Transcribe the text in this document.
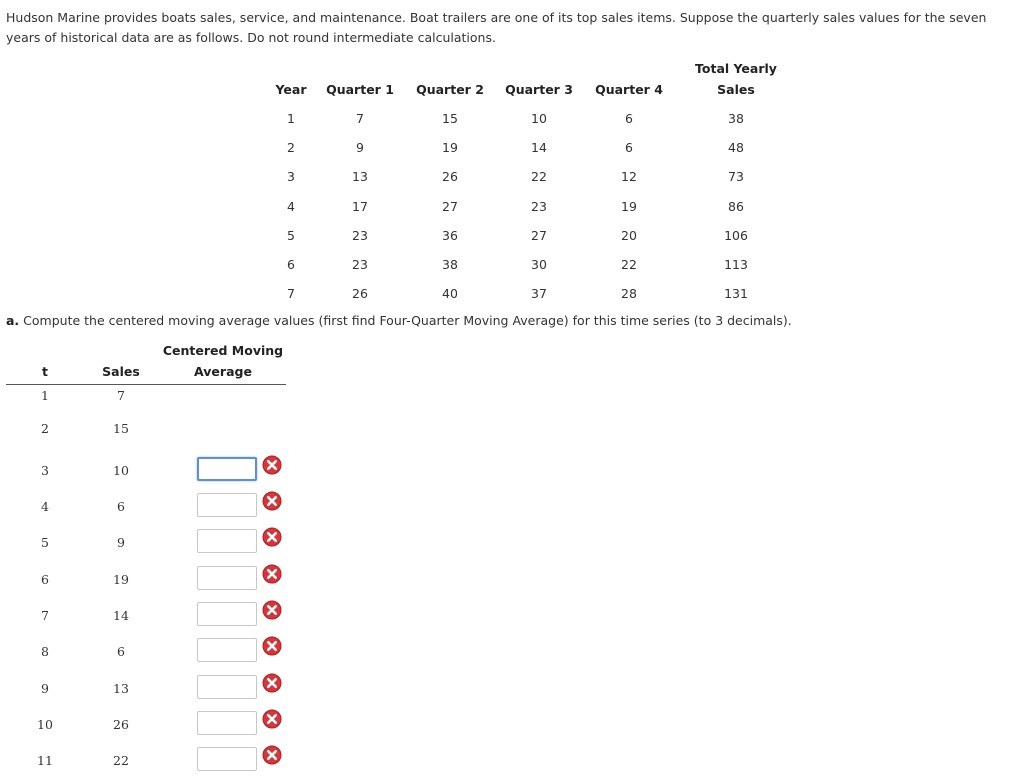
Hudson Marine provides boats sales, service, and maintenance. Boat trailers are one of its top sales items. Suppose the quarterly sales values for the seven years of historical data are as follows. Do not round intermediate calculations.
Year	Quarter 1	Quarter 2	Quarter 3	Quarter 4
Total Yearly
Sales
1	7	15	10	6	38
2	9	19	14	6	48
3	13	26	22	12	73
4	17	27	23	19	86
5	23	36	27	20	106
6	23	38	30	22	113
7	26	40	37	28	131
a. Compute the centered moving average values (first find Four-Quarter Moving Average) for this time series (to 3 decimals).
Centered Moving
t	Sales	Average
1	7
2	15
3	10
4	6
5	9
6	19
7	14
8	6
9	13
10	26
11	22
